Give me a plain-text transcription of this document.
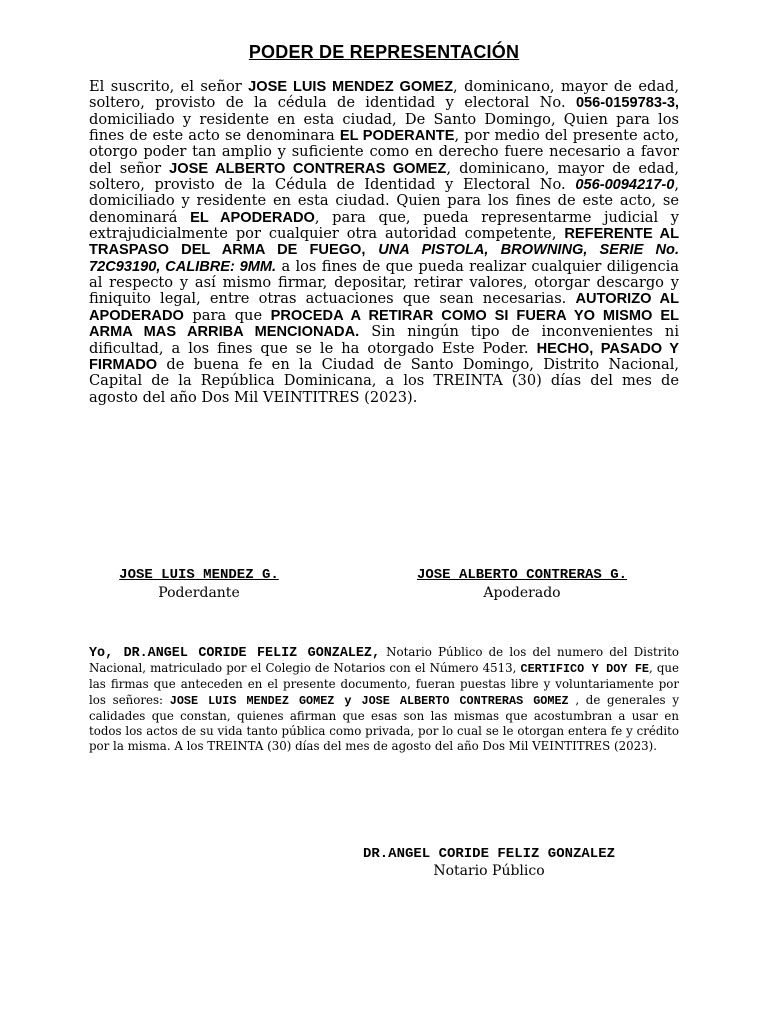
PODER DE REPRESENTACIÓN
El suscrito, el señor JOSE LUIS MENDEZ GOMEZ, dominicano, mayor de edad, soltero, provisto de la cédula de identidad y electoral No. 056-0159783-3, domiciliado y residente en esta ciudad, De Santo Domingo, Quien para los fines de este acto se denominara EL PODERANTE, por medio del presente acto, otorgo poder tan amplio y suficiente como en derecho fuere necesario a favor del señor JOSE ALBERTO CONTRERAS GOMEZ, dominicano, mayor de edad, soltero, provisto de la Cédula de Identidad y Electoral No. 056-0094217-0, domiciliado y residente en esta ciudad. Quien para los fines de este acto, se denominará EL APODERADO, para que, pueda representarme judicial y extrajudicialmente por cualquier otra autoridad competente, REFERENTE AL TRASPASO DEL ARMA DE FUEGO, UNA PISTOLA, BROWNING, SERIE No. 72C93190, CALIBRE: 9MM. a los fines de que pueda realizar cualquier diligencia al respecto y así mismo firmar, depositar, retirar valores, otorgar descargo y finiquito legal, entre otras actuaciones que sean necesarias. AUTORIZO AL APODERADO para que PROCEDA A RETIRAR COMO SI FUERA YO MISMO EL ARMA MAS ARRIBA MENCIONADA. Sin ningún tipo de inconvenientes ni dificultad, a los fines que se le ha otorgado Este Poder. HECHO, PASADO Y FIRMADO de buena fe en la Ciudad de Santo Domingo, Distrito Nacional, Capital de la República Dominicana, a los TREINTA (30) días del mes de agosto del año Dos Mil VEINTITRES (2023).
JOSE LUIS MENDEZ G.
Poderdante
JOSE ALBERTO CONTRERAS G.
Apoderado
Yo, DR.ANGEL CORIDE FELIZ GONZALEZ, Notario Público de los del numero del Distrito Nacional, matriculado por el Colegio de Notarios con el Número 4513, CERTIFICO Y DOY FE, que las firmas que anteceden en el presente documento, fueran puestas libre y voluntariamente por los señores: JOSE LUIS MENDEZ GOMEZ y JOSE ALBERTO CONTRERAS GOMEZ , de generales y calidades que constan, quienes afirman que esas son las mismas que acostumbran a usar en todos los actos de su vida tanto pública como privada, por lo cual se le otorgan entera fe y crédito por la misma. A los TREINTA (30) días del mes de agosto del año Dos Mil VEINTITRES (2023).
DR.ANGEL CORIDE FELIZ GONZALEZ
Notario Público
